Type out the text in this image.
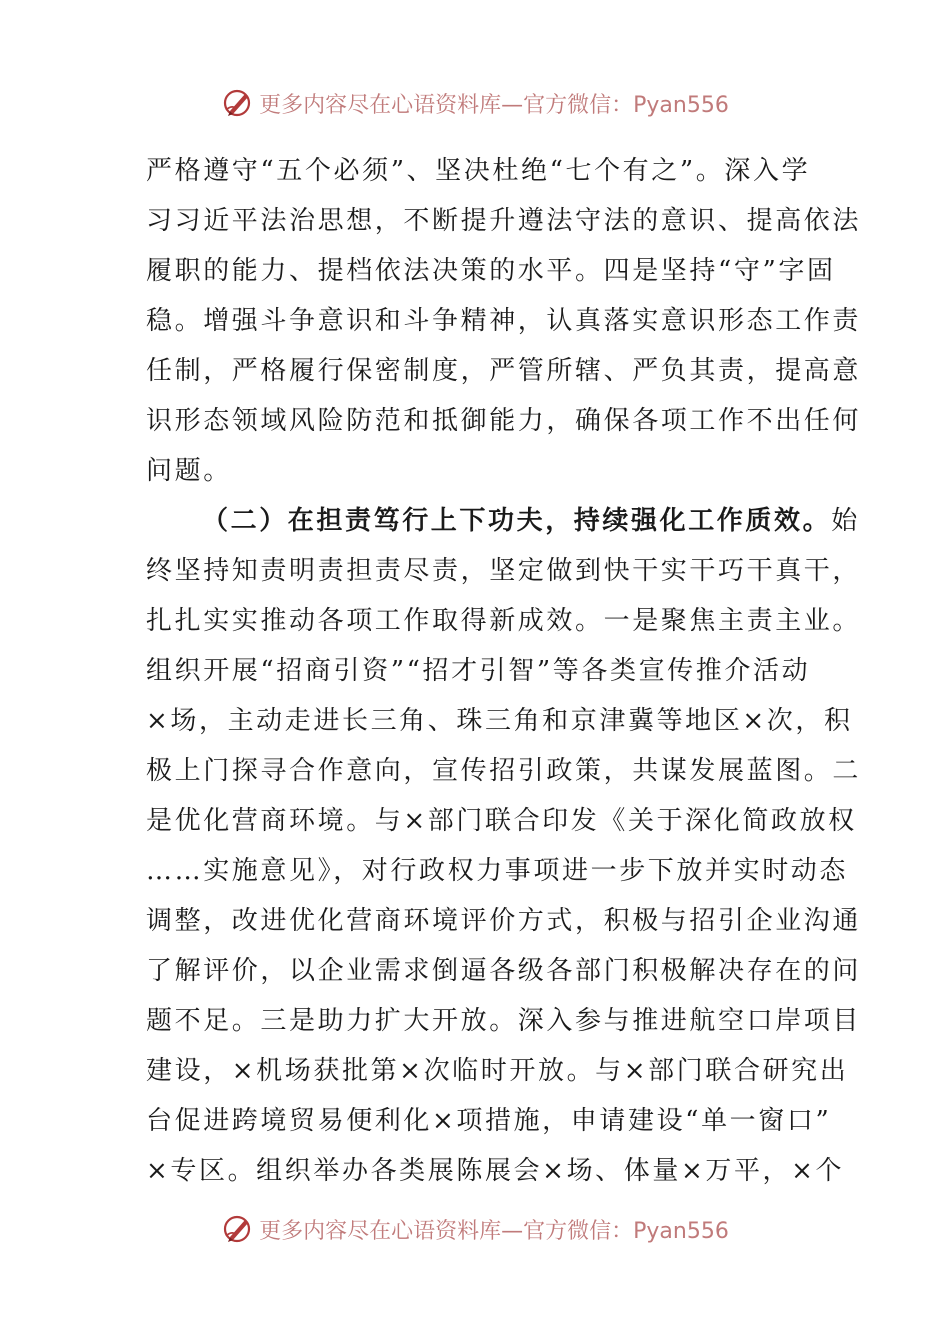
更多内容尽在心语资料库—官方微信：Pyan556
严格遵守“五个必须”、坚决杜绝“七个有之”。深入学
习习近平法治思想，不断提升遵法守法的意识、提高依法
履职的能力、提档依法决策的水平。四是坚持“守”字固
稳。增强斗争意识和斗争精神，认真落实意识形态工作责
任制，严格履行保密制度，严管所辖、严负其责，提高意
识形态领域风险防范和抵御能力，确保各项工作不出任何
问题。
（二）在担责笃行上下功夫，持续强化工作质效。始
终坚持知责明责担责尽责，坚定做到快干实干巧干真干，
扎扎实实推动各项工作取得新成效。一是聚焦主责主业。
组织开展“招商引资”“招才引智”等各类宣传推介活动
×场，主动走进长三角、珠三角和京津冀等地区×次，积
极上门探寻合作意向，宣传招引政策，共谋发展蓝图。二
是优化营商环境。与×部门联合印发《关于深化简政放权
……实施意见》，对行政权力事项进一步下放并实时动态
调整，改进优化营商环境评价方式，积极与招引企业沟通
了解评价，以企业需求倒逼各级各部门积极解决存在的问
题不足。三是助力扩大开放。深入参与推进航空口岸项目
建设，×机场获批第×次临时开放。与×部门联合研究出
台促进跨境贸易便利化×项措施，申请建设“单一窗口”
×专区。组织举办各类展陈展会×场、体量×万平，×个
更多内容尽在心语资料库—官方微信：Pyan556
